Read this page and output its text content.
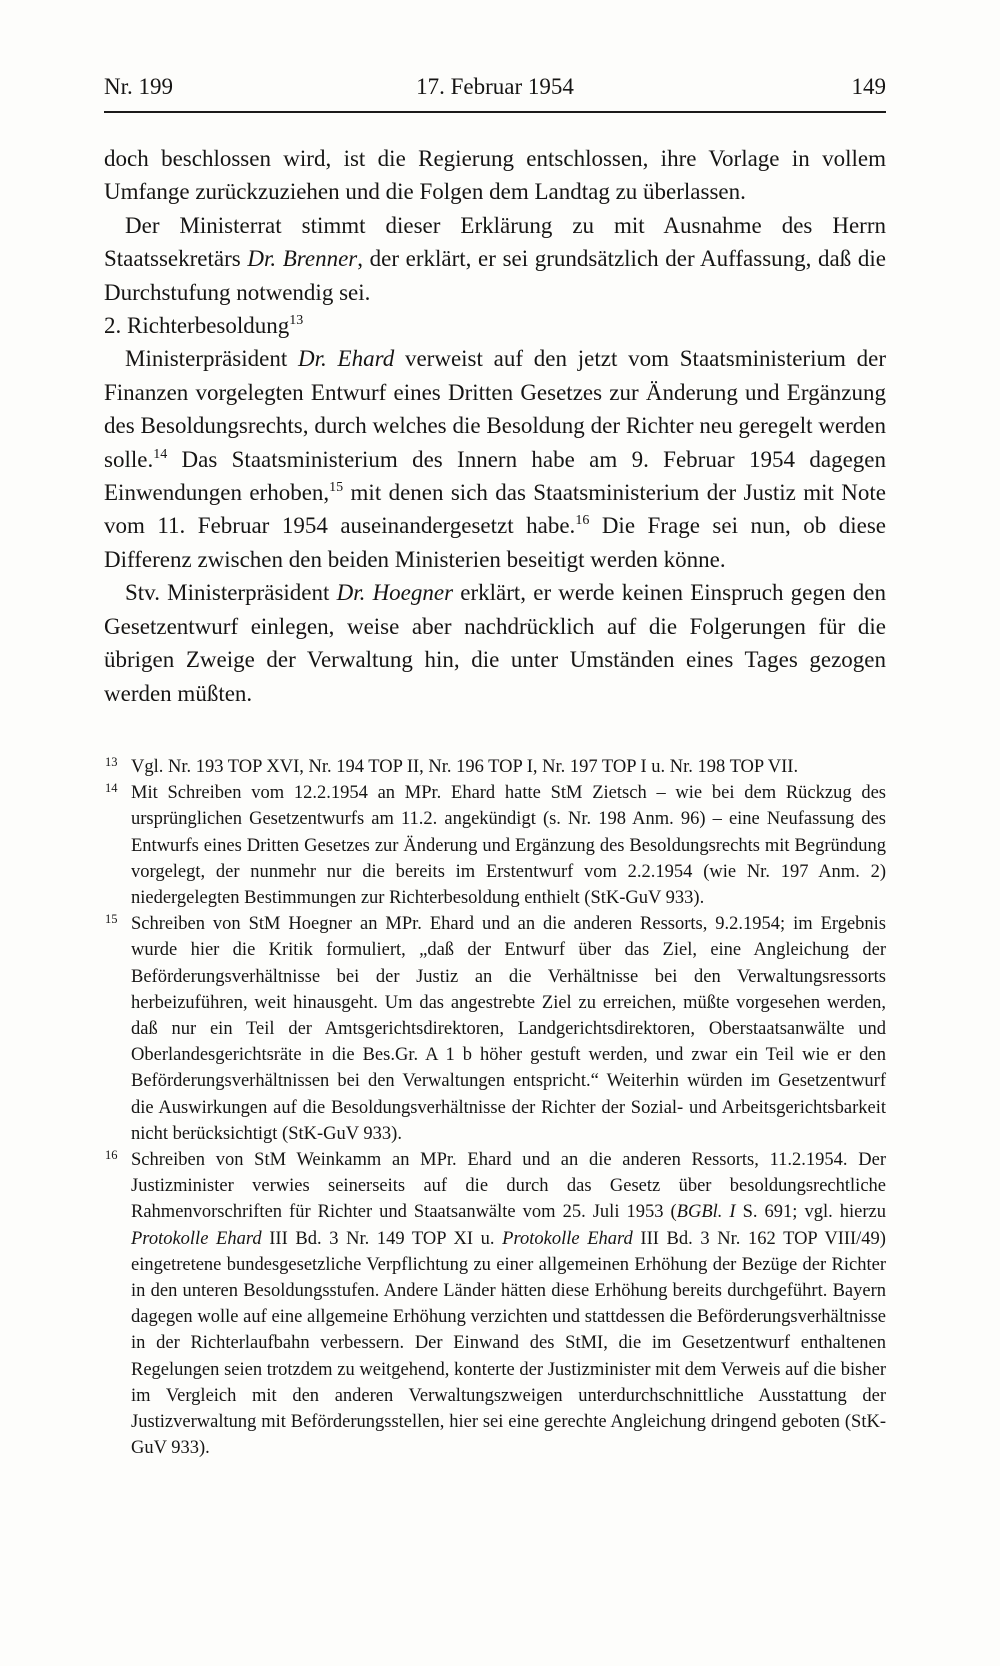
Nr. 199	17. Februar 1954	149

doch beschlossen wird, ist die Regierung entschlossen, ihre Vorlage in vollem Umfange zurückzuziehen und die Folgen dem Landtag zu überlassen.

Der Ministerrat stimmt dieser Erklärung zu mit Ausnahme des Herrn Staatssekretärs Dr. Brenner, der erklärt, er sei grundsätzlich der Auffassung, daß die Durchstufung notwendig sei.

2. Richterbesoldung$^{13}$

Ministerpräsident Dr. Ehard verweist auf den jetzt vom Staatsministerium der Finanzen vorgelegten Entwurf eines Dritten Gesetzes zur Änderung und Ergänzung des Besoldungsrechts, durch welches die Besoldung der Richter neu geregelt werden solle.$^{14}$ Das Staatsministerium des Innern habe am 9. Februar 1954 dagegen Einwendungen erhoben,$^{15}$ mit denen sich das Staatsministerium der Justiz mit Note vom 11. Februar 1954 auseinandergesetzt habe.$^{16}$ Die Frage sei nun, ob diese Differenz zwischen den beiden Ministerien beseitigt werden könne.

Stv. Ministerpräsident Dr. Hoegner erklärt, er werde keinen Einspruch gegen den Gesetzentwurf einlegen, weise aber nachdrücklich auf die Folgerungen für die übrigen Zweige der Verwaltung hin, die unter Umständen eines Tages gezogen werden müßten.

13 Vgl. Nr. 193 TOP XVI, Nr. 194 TOP II, Nr. 196 TOP I, Nr. 197 TOP I u. Nr. 198 TOP VII.
14 Mit Schreiben vom 12.2.1954 an MPr. Ehard hatte StM Zietsch – wie bei dem Rückzug des ursprünglichen Gesetzentwurfs am 11.2. angekündigt (s. Nr. 198 Anm. 96) – eine Neufassung des Entwurfs eines Dritten Gesetzes zur Änderung und Ergänzung des Besoldungsrechts mit Begründung vorgelegt, der nunmehr nur die bereits im Erstentwurf vom 2.2.1954 (wie Nr. 197 Anm. 2) niedergelegten Bestimmungen zur Richterbesoldung enthielt (StK-GuV 933).
15 Schreiben von StM Hoegner an MPr. Ehard und an die anderen Ressorts, 9.2.1954; im Ergebnis wurde hier die Kritik formuliert, „daß der Entwurf über das Ziel, eine Angleichung der Beförderungsverhältnisse bei der Justiz an die Verhältnisse bei den Verwaltungsressorts herbeizuführen, weit hinausgeht. Um das angestrebte Ziel zu erreichen, müßte vorgesehen werden, daß nur ein Teil der Amtsgerichtsdirektoren, Landgerichtsdirektoren, Oberstaatsanwälte und Oberlandesgerichtsräte in die Bes.Gr. A 1 b höher gestuft werden, und zwar ein Teil wie er den Beförderungsverhältnissen bei den Verwaltungen entspricht.“ Weiterhin würden im Gesetzentwurf die Auswirkungen auf die Besoldungsverhältnisse der Richter der Sozial- und Arbeitsgerichtsbarkeit nicht berücksichtigt (StK-GuV 933).
16 Schreiben von StM Weinkamm an MPr. Ehard und an die anderen Ressorts, 11.2.1954. Der Justizminister verwies seinerseits auf die durch das Gesetz über besoldungsrechtliche Rahmenvorschriften für Richter und Staatsanwälte vom 25. Juli 1953 (BGBl. I S. 691; vgl. hierzu Protokolle Ehard III Bd. 3 Nr. 149 TOP XI u. Protokolle Ehard III Bd. 3 Nr. 162 TOP VIII/49) eingetretene bundesgesetzliche Verpflichtung zu einer allgemeinen Erhöhung der Bezüge der Richter in den unteren Besoldungsstufen. Andere Länder hätten diese Erhöhung bereits durchgeführt. Bayern dagegen wolle auf eine allgemeine Erhöhung verzichten und stattdessen die Beförderungsverhältnisse in der Richterlaufbahn verbessern. Der Einwand des StMI, die im Gesetzentwurf enthaltenen Regelungen seien trotzdem zu weitgehend, konterte der Justizminister mit dem Verweis auf die bisher im Vergleich mit den anderen Verwaltungszweigen unterdurchschnittliche Ausstattung der Justizverwaltung mit Beförderungsstellen, hier sei eine gerechte Angleichung dringend geboten (StK-GuV 933).
